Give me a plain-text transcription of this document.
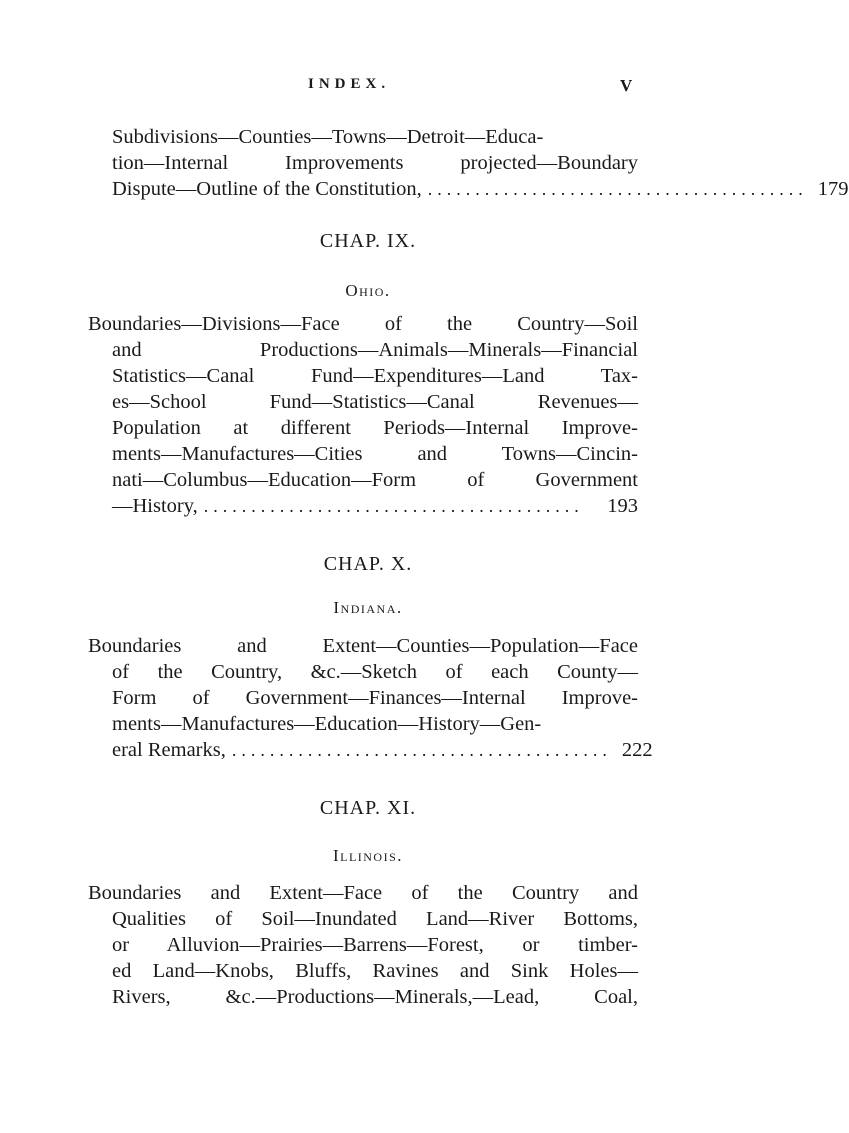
INDEX.	V
Subdivisions—Counties—Towns—Detroit—Educa-
tion—Internal Improvements projected—Boundary
Dispute—Outline of the Constitution, ........................................ 179
CHAP. IX.
Ohio.
Boundaries—Divisions—Face of the Country—Soil
and Productions—Animals—Minerals—Financial
Statistics—Canal Fund—Expenditures—Land Tax-
es—School Fund—Statistics—Canal Revenues—
Population at different Periods—Internal Improve-
ments—Manufactures—Cities and Towns—Cincin-
nati—Columbus—Education—Form of Government
—History, ........................................	193
CHAP. X.
Indiana.
Boundaries and Extent—Counties—Population—Face
of the Country, &c.—Sketch of each County—
Form of Government—Finances—Internal Improve-
ments—Manufactures—Education—History—Gen-
eral Remarks, ........................................ 222
CHAP. XI.
Illinois.
Boundaries and Extent—Face of the Country and
Qualities of Soil—Inundated Land—River Bottoms,
or Alluvion—Prairies—Barrens—Forest, or timber-
ed Land—Knobs, Bluffs, Ravines and Sink Holes—
Rivers, &c.—Productions—Minerals,—Lead, Coal,
